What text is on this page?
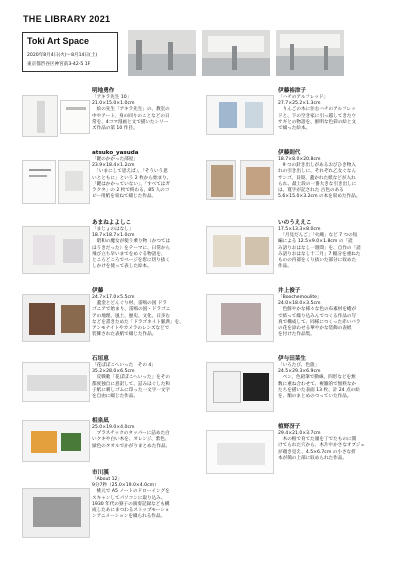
THE LIBRARY 2021
Toki Art Space
2020年8月4日(火)〜8月14日(土)
東京都渋谷区神宮前3-42-5 1F
明地勇作
「アキラ先生 10」
21.0×15.0×1.0cm
　絵の先生「アキラ先生」の、教室の
中やアート、身の回りのことなどの日
常を、4コマ漫画と文で描いたシリー
ズ作品の第 10 作目。
atsuko_yasuda
「鍵のかかった部屋」
23.9×18.4×1.2cm
　「いまにして思えば」、「そういう思
いとともに」という 2 枚から始まり、
「鍵はかかっていない」、「すべてはガ
ラクタ」の 2 枚で終わる、85 人のコ
ピー用紙を束ねて綴じた作品。
あまねよよしこ
「まじょのはなし」
18.7×18.7×1.0cm
　昭和の魔女が使う乗り物（かつては
ほうきだった）をテーマに、日常から
飛び立ち早いまでをめぐる物語を、
ところどころでページを窓に切り抜く
しかけを使って表した絵本。
伊藤
24.7×17.0×5.5cm
　蓋金とどんぐり材、雷鳴の国 ドラ
ゴニアで始まり、雷鳴の国・ドラゴニ
アの地理、風土、歴史、文化、日歩む
などを書きためた「ドラゴネイト脈典」を、
アンモナイトやカメラのレンズなどで
装飾された表紙で綴じた作品。
石垣恵
「花ぽぽこへいった　その 4」
35.2×28.0×6.5cm
　反戦歌「花ぽぽこへいった」をその
都度独自に意訳して、詰みほぐした和
子紙に刺しゴムに印った一文字一文字
を自由に綴じた作品。
相泉凪
25.0×19.0×4.0cm
　プラスチックのタッパーに詰めた白
いクキや白い木を、オレンジ、紫色、
緑色のタオルでかがりまとめた作品。
市川漢
「About 12」
9分7秒（25.0×19.0×4.0cm）
　桃元で A5 ノートのドローイングを
スキャンしてパソコンに取り込み、
1930 年代の寮子の演奏記録なども構
成したあにまつわるストップモーショ
ンアニメーションを綴られる作品。
伊藤裕津子
「ハチのアルフレッド」
27.7×25.2×1.3cm
　りんごの木に住むハチのアルフレッ
ドと、下の空き家に引っ越してきたウ
サギとの物語を、鮮明な色彩の絵と文
で綴った絵本。
伊藤則代
18.7×8.0×20.8cm
　9 つの針き出しがあるおびひき物入
れの引き出しに、それぞれ乙女ぐなん
サンゴ、貝殻、蓋かれた紙などが入れ
られ、最上段の一番大きな引き出しに
は、寛字が記された 古色のある
5.6×15.0×3.2cm の本を収めた作品。
いのうええこ
17.5×13.3×8.0cm
　「月見だんご」「火縄」など 7 つの短
編による 12.5×9.0×1.8cm の「読
み語りおはなし一週間」を、自作の「読
み語りおはなし十二月」7 幅分を重ねた
ものの内部をくり抜いた部分に収めた
作品。
井上俊子
「Boochemoulite」
24.0×18.0×3.5cm
　色鮮やかな様々な色の布素材を蜷が
で結って繰り込みんでつくる作品の写
真で構成して、同様につくった赤いバラ
の花を添わせる華やかな装飾の表紙
を付けた作品集。
伊与田菜生
「いろたび、色旅」
24.5×29.3×6.9cm
　ペン、色鉛筆で動線、四形などを無
数に重ね合わせて、複雑的で無秩なか
たちを描いた表面 13 枚、計 24 点の絵
を、額のまとめのつっていた作品。
植野冴子
29.4×21.0×3.7cm
　木の根で育てた頭を丁でたものに開
けてられた穴から、木片やかさなオブジェ
が覗き見え、4.5×6.7cm の小さな折
本が簡の上部に収められた作品。
